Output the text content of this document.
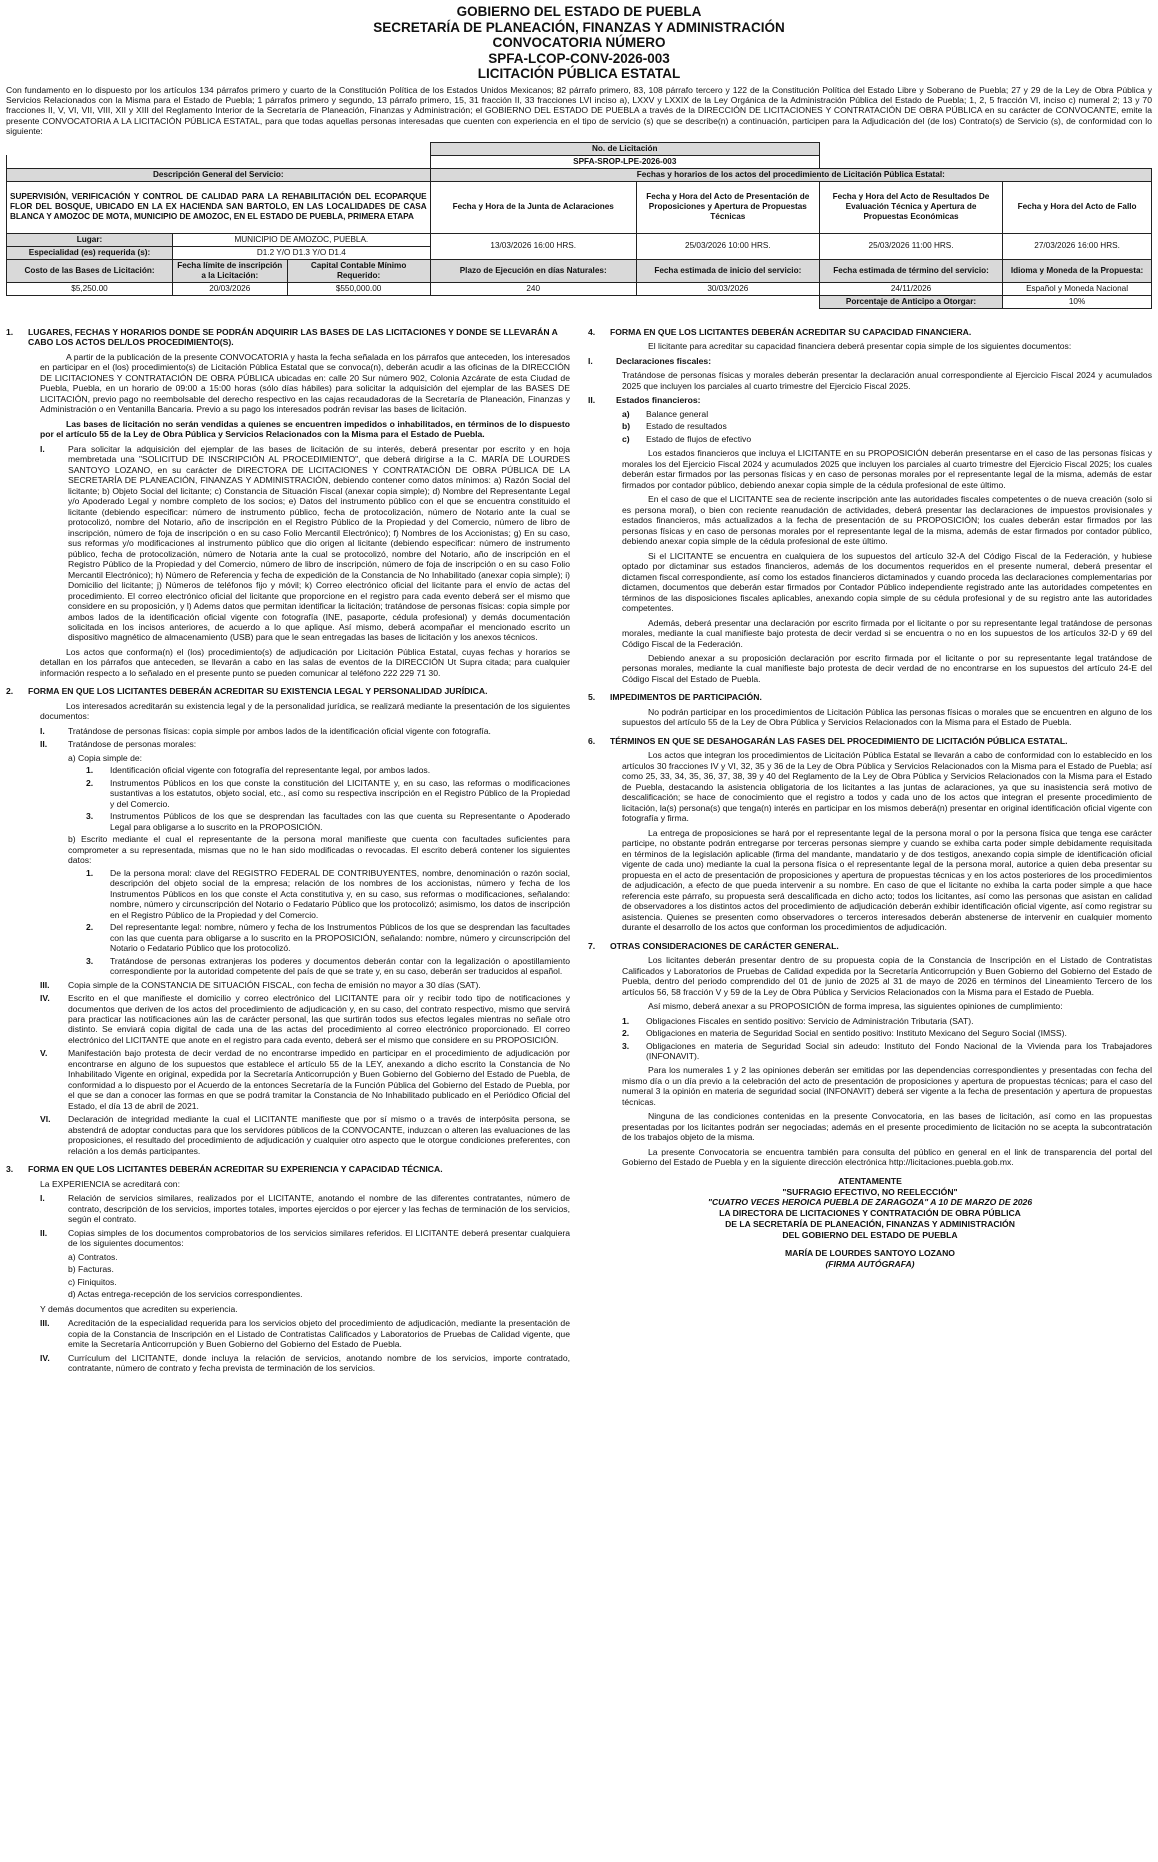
GOBIERNO DEL ESTADO DE PUEBLA
SECRETARÍA DE PLANEACIÓN, FINANZAS Y ADMINISTRACIÓN
CONVOCATORIA NÚMERO
SPFA-LCOP-CONV-2026-003
LICITACIÓN PÚBLICA ESTATAL
Con fundamento en lo dispuesto por los artículos 134 párrafos primero y cuarto de la Constitución Política de los Estados Unidos Mexicanos; 82 párrafo primero, 83, 108 párrafo tercero y 122 de la Constitución Política del Estado Libre y Soberano de Puebla; 27 y 29 de la Ley de Obra Pública y Servicios Relacionados con la Misma para el Estado de Puebla; 1 párrafos primero y segundo, 13 párrafo primero, 15, 31 fracción II, 33 fracciones LVI inciso a), LXXV y LXXIX de la Ley Orgánica de la Administración Pública del Estado de Puebla; 1, 2, 5 fracción VI, inciso c) numeral 2; 13 y 70 fracciones II, V, VI, VII, VIII, XII y XIII del Reglamento Interior de la Secretaría de Planeación, Finanzas y Administración; el GOBIERNO DEL ESTADO DE PUEBLA a través de la DIRECCIÓN DE LICITACIONES Y CONTRATACIÓN DE OBRA PÚBLICA en su carácter de CONVOCANTE, emite la presente CONVOCATORIA A LA LICITACIÓN PÚBLICA ESTATAL, para que todas aquellas personas interesadas que cuenten con experiencia en el tipo de servicio (s) que se describe(n) a continuación, participen para la Adjudicación del (de los) Contrato(s) de Servicio (s), de conformidad con lo siguiente:
			No. de Licitación			
			SPFA-SROP-LPE-2026-003			
Descripción General del Servicio:			Fechas y horarios de los actos del procedimiento de Licitación Pública Estatal:			
			Fecha y Hora de la Junta de Aclaraciones	Fecha y Hora del Acto de Presentación de Proposiciones y Apertura de Propuestas Técnicas	Fecha y Hora del Acto de Resultados De Evaluación Técnica y Apertura de Propuestas Económicas	Fecha y Hora del Acto de Fallo
SUPERVISIÓN, VERIFICACIÓN Y CONTROL DE CALIDAD PARA LA REHABILITACIÓN DEL ECOPARQUE FLOR DEL BOSQUE, UBICADO EN LA EX HACIENDA SAN BARTOLO, EN LAS LOCALIDADES DE CASA BLANCA Y AMOZOC DE MOTA, MUNICIPIO DE AMOZOC, EN EL ESTADO DE PUEBLA, PRIMERA ETAPA						
Lugar:	MUNICIPIO DE AMOZOC, PUEBLA.		13/03/2026 16:00 HRS.	25/03/2026 10:00 HRS.	25/03/2026 11:00 HRS.	27/03/2026 16:00 HRS.
Especialidad (es) requerida (s):	D1.2 Y/O D1.3 Y/O D1.4					
Costo de las Bases de Licitación:	Fecha límite de inscripción a la Licitación:	Capital Contable Mínimo Requerido:	Plazo de Ejecución en días Naturales:	Fecha estimada de inicio del servicio:	Fecha estimada de término del servicio:	Idioma y Moneda de la Propuesta:
$5,250.00	20/03/2026	$550,000.00	240	30/03/2026	24/11/2026	Español y Moneda Nacional
					Porcentaje de Anticipo a Otorgar:	10%
1.	LUGARES, FECHAS Y HORARIOS DONDE SE PODRÁN ADQUIRIR LAS BASES DE LAS LICITACIONES Y DONDE SE LLEVARÁN A CABO LOS ACTOS DEL/LOS PROCEDIMIENTO(S).

A partir de la publicación de la presente CONVOCATORIA y hasta la fecha señalada en los párrafos que anteceden, los interesados en participar en el (los) procedimiento(s) de Licitación Pública Estatal que se convoca(n), deberán acudir a las oficinas de la DIRECCIÓN DE LICITACIONES Y CONTRATACIÓN DE OBRA PÚBLICA ubicadas en: calle 20 Sur número 902, Colonia Azcárate de esta Ciudad de Puebla, Puebla, en un horario de 09:00 a 15:00 horas (sólo días hábiles) para solicitar la adquisición del ejemplar de las BASES DE LICITACIÓN, previo pago no reembolsable del derecho respectivo en las cajas recaudadoras de la Secretaría de Planeación, Finanzas y Administración o en Ventanilla Bancaria. Previo a su pago los interesados podrán revisar las bases de licitación.

Las bases de licitación no serán vendidas a quienes se encuentren impedidos o inhabilitados, en términos de lo dispuesto por el artículo 55 de la Ley de Obra Pública y Servicios Relacionados con la Misma para el Estado de Puebla.

I.	Para solicitar la adquisición del ejemplar de las bases de licitación de su interés, deberá presentar por escrito y en hoja membretada una "SOLICITUD DE INSCRIPCIÓN AL PROCEDIMIENTO", que deberá dirigirse a la C. MARÍA DE LOURDES SANTOYO LOZANO, en su carácter de DIRECTORA DE LICITACIONES Y CONTRATACIÓN DE OBRA PÚBLICA DE LA SECRETARÍA DE PLANEACIÓN, FINANZAS Y ADMINISTRACIÓN, debiendo contener como datos mínimos: a) Razón Social del licitante; b) Objeto Social del licitante; c) Constancia de Situación Fiscal (anexar copia simple); d) Nombre del Representante Legal y/o Apoderado Legal y nombre completo de los socios; e) Datos del instrumento público con el que se encuentra constituido el licitante (debiendo especificar: número de instrumento público, fecha de protocolización, número de Notario ante la cual se protocolizó, nombre del Notario, año de inscripción en el Registro Público de la Propiedad y del Comercio, número de libro de inscripción, número de foja de inscripción o en su caso Folio Mercantil Electrónico); f) Nombres de los Accionistas; g) En su caso, sus reformas y/o modificaciones al instrumento público que dio origen al licitante (debiendo especificar: número de instrumento público, fecha de protocolización, número de Notaria ante la cual se protocolizó, nombre del Notario, año de inscripción en el Registro Público de la Propiedad y del Comercio, número de libro de inscripción, número de foja de inscripción o en su caso Folio Mercantil Electrónico); h) Número de Referencia y fecha de expedición de la Constancia de No Inhabilitado (anexar copia simple); i) Domicilio del licitante; j) Números de teléfonos fijo y móvil; k) Correo electrónico oficial del licitante para el envío de actas del procedimiento. El correo electrónico oficial del licitante que proporcione en el registro para cada evento deberá ser el mismo que considere en su proposición, y l) Adems datos que permitan identificar la licitación; tratándose de personas físicas: copia simple por ambos lados de la identificación oficial vigente con fotografía (INE, pasaporte, cédula profesional) y demás documentación solicitada en los incisos anteriores, de acuerdo a lo que aplique. Así mismo, deberá acompañar el mencionado escrito un dispositivo magnético de almacenamiento (USB) para que le sean entregadas las bases de licitación y los anexos técnicos.

Los actos que conforma(n) el (los) procedimiento(s) de adjudicación por Licitación Pública Estatal, cuyas fechas y horarios se detallan en los párrafos que anteceden, se llevarán a cabo en las salas de eventos de la DIRECCIÓN Ut Supra citada; para cualquier información respecto a lo señalado en el presente punto se pueden comunicar al teléfono 222 229 71 30.

2.	FORMA EN QUE LOS LICITANTES DEBERÁN ACREDITAR SU EXISTENCIA LEGAL Y PERSONALIDAD JURÍDICA.

Los interesados acreditarán su existencia legal y de la personalidad jurídica, se realizará mediante la presentación de los siguientes documentos:

I.	Tratándose de personas físicas: copia simple por ambos lados de la identificación oficial vigente con fotografía.
II.	Tratándose de personas morales:
a) Copia simple de:
1.	Identificación oficial vigente con fotografía del representante legal, por ambos lados.
2.	Instrumentos Públicos en los que conste la constitución del LICITANTE y, en su caso, las reformas o modificaciones sustantivas a los estatutos, objeto social, etc., así como su respectiva inscripción en el Registro Público de la Propiedad y del Comercio.
3.	Instrumentos Públicos de los que se desprendan las facultades con las que cuenta su Representante o Apoderado Legal para obligarse a lo suscrito en la PROPOSICIÓN.
b) Escrito mediante el cual el representante de la persona moral manifieste que cuenta con facultades suficientes para comprometer a su representada, mismas que no le han sido modificadas o revocadas. El escrito deberá contener los siguientes datos:
1.	De la persona moral: clave del REGISTRO FEDERAL DE CONTRIBUYENTES, nombre, denominación o razón social, descripción del objeto social de la empresa; relación de los nombres de los accionistas, número y fecha de los Instrumentos Públicos en los que conste el Acta constitutiva y, en su caso, sus reformas o modificaciones, señalando: nombre, número y circunscripción del Notario o Fedatario Público que los protocolizó; asimismo, los datos de inscripción en el Registro Público de la Propiedad y del Comercio.
2.	Del representante legal: nombre, número y fecha de los Instrumentos Públicos de los que se desprendan las facultades con las que cuenta para obligarse a lo suscrito en la PROPOSICIÓN, señalando: nombre, número y circunscripción del Notario o Fedatario Público que los protocolizó.
3.	Tratándose de personas extranjeras los poderes y documentos deberán contar con la legalización o apostillamiento correspondiente por la autoridad competente del país de que se trate y, en su caso, deberán ser traducidos al español.
III.	Copia simple de la CONSTANCIA DE SITUACIÓN FISCAL, con fecha de emisión no mayor a 30 días (SAT).
IV.	Escrito en el que manifieste el domicilio y correo electrónico del LICITANTE para oír y recibir todo tipo de notificaciones y documentos que deriven de los actos del procedimiento de adjudicación y, en su caso, del contrato respectivo, mismo que servirá para practicar las notificaciones aún las de carácter personal, las que surtirán todos sus efectos legales mientras no señale otro distinto. Se enviará copia digital de cada una de las actas del procedimiento al correo electrónico proporcionado. El correo electrónico del LICITANTE que anote en el registro para cada evento, deberá ser el mismo que considere en su PROPOSICIÓN.
V.	Manifestación bajo protesta de decir verdad de no encontrarse impedido en participar en el procedimiento de adjudicación por encontrarse en alguno de los supuestos que establece el artículo 55 de la LEY, anexando a dicho escrito la Constancia de No Inhabilitado Vigente en original, expedida por la Secretaría Anticorrupción y Buen Gobierno del Gobierno del Estado de Puebla, de conformidad a lo dispuesto por el Acuerdo de la entonces Secretaría de la Función Pública del Gobierno del Estado de Puebla, por el que se dan a conocer las formas en que se podrá tramitar la Constancia de No Inhabilitado publicado en el Periódico Oficial del Estado, el día 13 de abril de 2021.
VI.	Declaración de integridad mediante la cual el LICITANTE manifieste que por sí mismo o a través de interpósita persona, se abstendrá de adoptar conductas para que los servidores públicos de la CONVOCANTE, induzcan o alteren las evaluaciones de las proposiciones, el resultado del procedimiento de adjudicación y cualquier otro aspecto que le otorgue condiciones preferentes, con relación a los demás participantes.
3.	FORMA EN QUE LOS LICITANTES DEBERÁN ACREDITAR SU EXPERIENCIA Y CAPACIDAD TÉCNICA.

La EXPERIENCIA se acreditará con:

I.	Relación de servicios similares, realizados por el LICITANTE, anotando el nombre de las diferentes contratantes, número de contrato, descripción de los servicios, importes totales, importes ejercidos o por ejercer y las fechas de terminación de los servicios, según el contrato.
II.	Copias simples de los documentos comprobatorios de los servicios similares referidos. El LICITANTE deberá presentar cualquiera de los siguientes documentos:
a) Contratos.
b) Facturas.
c) Finiquitos.
d) Actas entrega-recepción de los servicios correspondientes.

Y demás documentos que acrediten su experiencia.

III.	Acreditación de la especialidad requerida para los servicios objeto del procedimiento de adjudicación, mediante la presentación de copia de la Constancia de Inscripción en el Listado de Contratistas Calificados y Laboratorios de Pruebas de Calidad vigente, que emite la Secretaría Anticorrupción y Buen Gobierno del Gobierno del Estado de Puebla.
IV.	Currículum del LICITANTE, donde incluya la relación de servicios, anotando nombre de los servicios, importe contratado, contratante, número de contrato y fecha prevista de terminación de los servicios.
4.	FORMA EN QUE LOS LICITANTES DEBERÁN ACREDITAR SU CAPACIDAD FINANCIERA.

El licitante para acreditar su capacidad financiera deberá presentar copia simple de los siguientes documentos:

I.	Declaraciones fiscales:

Tratándose de personas físicas y morales deberán presentar la declaración anual correspondiente al Ejercicio Fiscal 2024 y acumulados 2025 que incluyen los parciales al cuarto trimestre del Ejercicio Fiscal 2025.

II.	Estados financieros:
a)	Balance general
b)	Estado de resultados
c)	Estado de flujos de efectivo

Los estados financieros que incluya el LICITANTE en su PROPOSICIÓN deberán presentarse en el caso de las personas físicas y morales los del Ejercicio Fiscal 2024 y acumulados 2025 que incluyen los parciales al cuarto trimestre del Ejercicio Fiscal 2025; los cuales deberán estar firmados por las personas físicas y en caso de personas morales por el representante legal de la misma, además de estar firmados por contador público, debiendo anexar copia simple de la cédula profesional de este último.

En el caso de que el LICITANTE sea de reciente inscripción ante las autoridades fiscales competentes o de nueva creación (solo si es persona moral), o bien con reciente reanudación de actividades, deberá presentar las declaraciones de impuestos provisionales y estados financieros, más actualizados a la fecha de presentación de su PROPOSICIÓN; los cuales deberán estar firmados por las personas físicas y en caso de personas morales por el representante legal de la misma, además de estar firmados por contador público, debiendo anexar copia simple de la cédula profesional de este último.

Si el LICITANTE se encuentra en cualquiera de los supuestos del artículo 32-A del Código Fiscal de la Federación, y hubiese optado por dictaminar sus estados financieros, además de los documentos requeridos en el presente numeral, deberá presentar el dictamen fiscal correspondiente, así como los estados financieros dictaminados y cuando proceda las declaraciones complementarias por dictamen, documentos que deberán estar firmados por Contador Público independiente registrado ante las autoridades competentes en términos de las disposiciones fiscales aplicables, anexando copia simple de su cédula profesional y de su registro ante las autoridades competentes.

Además, deberá presentar una declaración por escrito firmada por el licitante o por su representante legal tratándose de personas morales, mediante la cual manifieste bajo protesta de decir verdad si se encuentra o no en los supuestos de los artículos 32-D y 69 del Código Fiscal de la Federación.

Debiendo anexar a su proposición declaración por escrito firmada por el licitante o por su representante legal tratándose de personas morales, mediante la cual manifieste bajo protesta de decir verdad de no encontrarse en los supuestos del artículo 24-E del Código Fiscal del Estado de Puebla.

5.	IMPEDIMENTOS DE PARTICIPACIÓN.

No podrán participar en los procedimientos de Licitación Pública las personas físicas o morales que se encuentren en alguno de los supuestos del artículo 55 de la Ley de Obra Pública y Servicios Relacionados con la Misma para el Estado de Puebla.

6.	TÉRMINOS EN QUE SE DESAHOGARÁN LAS FASES DEL PROCEDIMIENTO DE LICITACIÓN PÚBLICA ESTATAL.

Los actos que integran los procedimientos de Licitación Pública Estatal se llevarán a cabo de conformidad con lo establecido en los artículos 30 fracciones IV y VI, 32, 35 y 36 de la Ley de Obra Pública y Servicios Relacionados con la Misma para el Estado de Puebla; así como 25, 33, 34, 35, 36, 37, 38, 39 y 40 del Reglamento de la Ley de Obra Pública y Servicios Relacionados con la Misma para el Estado de Puebla, destacando la asistencia obligatoria de los licitantes a las juntas de aclaraciones, ya que su inasistencia será motivo de descalificación; se hace de conocimiento que el registro a todos y cada uno de los actos que integran el presente procedimiento de licitación, la(s) persona(s) que tenga(n) interés en participar en los mismos deberá(n) presentar en original identificación oficial vigente con fotografía y firma.

La entrega de proposiciones se hará por el representante legal de la persona moral o por la persona física que tenga ese carácter participe, no obstante podrán entregarse por terceras personas siempre y cuando se exhiba carta poder simple debidamente requisitada en términos de la legislación aplicable (firma del mandante, mandatario y de dos testigos, anexando copia simple de identificación oficial vigente de cada uno) mediante la cual la persona física o el representante legal de la persona moral, autorice a quien deba presentar su propuesta en el acto de presentación de proposiciones y apertura de propuestas técnicas y en los actos posteriores de los procedimientos de adjudicación, a efecto de que pueda intervenir a su nombre. En caso de que el licitante no exhiba la carta poder simple a que hace referencia este párrafo, su propuesta será descalificada en dicho acto; todos los licitantes, así como las personas que asistan en calidad de observadores a los distintos actos del procedimiento de adjudicación deberán exhibir identificación oficial vigente, así como registrar su asistencia. Quienes se presenten como observadores o terceros interesados deberán abstenerse de intervenir en cualquier momento durante el desarrollo de los actos que conforman los procedimientos de adjudicación.

7.	OTRAS CONSIDERACIONES DE CARÁCTER GENERAL.

Los licitantes deberán presentar dentro de su propuesta copia de la Constancia de Inscripción en el Listado de Contratistas Calificados y Laboratorios de Pruebas de Calidad expedida por la Secretaría Anticorrupción y Buen Gobierno del Gobierno del Estado de Puebla, dentro del periodo comprendido del 01 de junio de 2025 al 31 de mayo de 2026 en términos del Lineamiento Tercero de los artículos 56, 58 fracción V y 59 de la Ley de Obra Pública y Servicios Relacionados con la Misma para el Estado de Puebla.

Así mismo, deberá anexar a su PROPOSICIÓN de forma impresa, las siguientes opiniones de cumplimiento:

1.	Obligaciones Fiscales en sentido positivo: Servicio de Administración Tributaria (SAT).
2.	Obligaciones en materia de Seguridad Social en sentido positivo: Instituto Mexicano del Seguro Social (IMSS).
3.	Obligaciones en materia de Seguridad Social sin adeudo: Instituto del Fondo Nacional de la Vivienda para los Trabajadores (INFONAVIT).

Para los numerales 1 y 2 las opiniones deberán ser emitidas por las dependencias correspondientes y presentadas con fecha del mismo día o un día previo a la celebración del acto de presentación de proposiciones y apertura de propuestas técnicas; para el caso del numeral 3 la opinión en materia de seguridad social (INFONAVIT) deberá ser vigente a la fecha de presentación y apertura de propuestas técnicas.

Ninguna de las condiciones contenidas en la presente Convocatoria, en las bases de licitación, así como en las propuestas presentadas por los licitantes podrán ser negociadas; además en el presente procedimiento de licitación no se acepta la subcontratación de los trabajos objeto de la misma.

La presente Convocatoria se encuentra también para consulta del público en general en el link de transparencia del portal del Gobierno del Estado de Puebla y en la siguiente dirección electrónica http://licitaciones.puebla.gob.mx.

ATENTAMENTE
"SUFRAGIO EFECTIVO, NO REELECCIÓN"
"CUATRO VECES HEROICA PUEBLA DE ZARAGOZA" A 10 DE MARZO DE 2026
LA DIRECTORA DE LICITACIONES Y CONTRATACIÓN DE OBRA PÚBLICA
DE LA SECRETARÍA DE PLANEACIÓN, FINANZAS Y ADMINISTRACIÓN
DEL GOBIERNO DEL ESTADO DE PUEBLA
MARÍA DE LOURDES SANTOYO LOZANO
(FIRMA AUTÓGRAFA)
